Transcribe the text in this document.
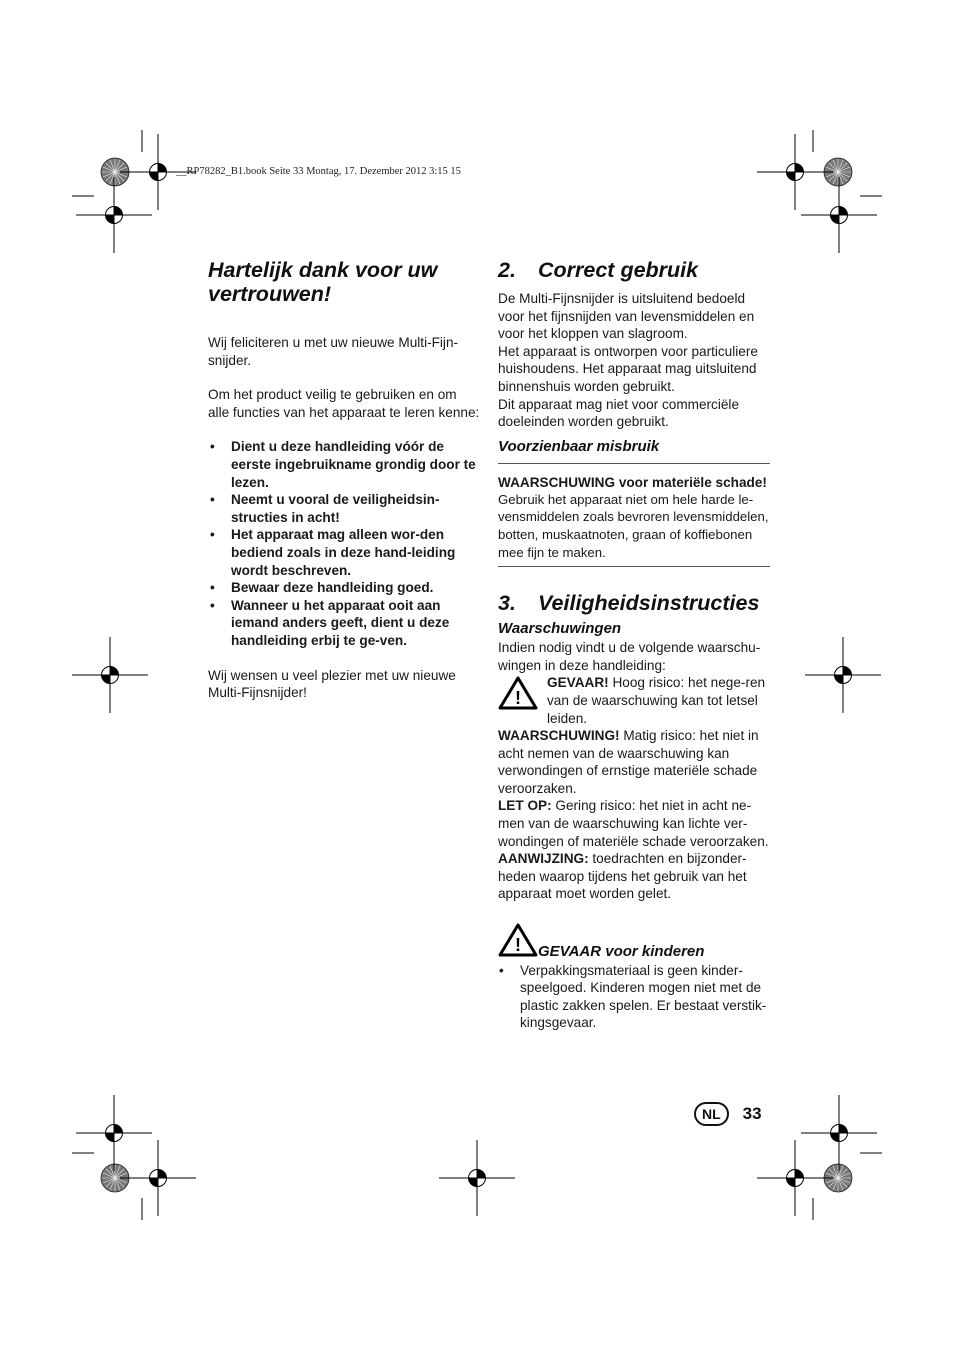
__RP78282_B1.book Seite 33 Montag, 17. Dezember 2012 3:15 15
Hartelijk dank voor uw vertrouwen!

Wij feliciteren u met uw nieuwe Multi-Fijn-snijder.

Om het product veilig te gebruiken en om alle functies van het apparaat te leren kenne:

• Dient u deze handleiding vóór de eerste ingebruikname grondig door te lezen.
• Neemt u vooral de veiligheidsin-structies in acht!
• Het apparaat mag alleen wor-den bediend zoals in deze hand-leiding wordt beschreven.
• Bewaar deze handleiding goed.
• Wanneer u het apparaat ooit aan iemand anders geeft, dient u deze handleiding erbij te ge-ven.

Wij wensen u veel plezier met uw nieuwe Multi-Fijnsnijder!

2.	Correct gebruik

De Multi-Fijnsnijder is uitsluitend bedoeld voor het fijnsnijden van levensmiddelen en voor het kloppen van slagroom.

Het apparaat is ontworpen voor particuliere huishoudens. Het apparaat mag uitsluitend binnenshuis worden gebruikt.

Dit apparaat mag niet voor commerciële doeleinden worden gebruikt.

Voorzienbaar misbruik
WAARSCHUWING voor materiële schade!

Gebruik het apparaat niet om hele harde le-vensmiddelen zoals bevroren levensmiddelen, botten, muskaatnoten, graan of koffiebonen mee fijn te maken.

3.	Veiligheidsinstructies
Waarschuwingen

Indien nodig vindt u de volgende waarschu-wingen in deze handleiding:

!

GEVAAR! Hoog risico: het nege-ren van de waarschuwing kan tot letsel leiden.

WAARSCHUWING! Matig risico: het niet in acht nemen van de waarschuwing kan verwondingen of ernstige materiële schade veroorzaken.

LET OP: Gering risico: het niet in acht ne-men van de waarschuwing kan lichte ver-wondingen of materiële schade veroorzaken.

AANWIJZING: toedrachten en bijzonder-heden waarop tijdens het gebruik van het apparaat moet worden gelet.

! GEVAAR voor kinderen
• Verpakkingsmateriaal is geen kinder-speelgoed. Kinderen mogen niet met de plastic zakken spelen. Er bestaat verstik-kingsgevaar.
NL	33
